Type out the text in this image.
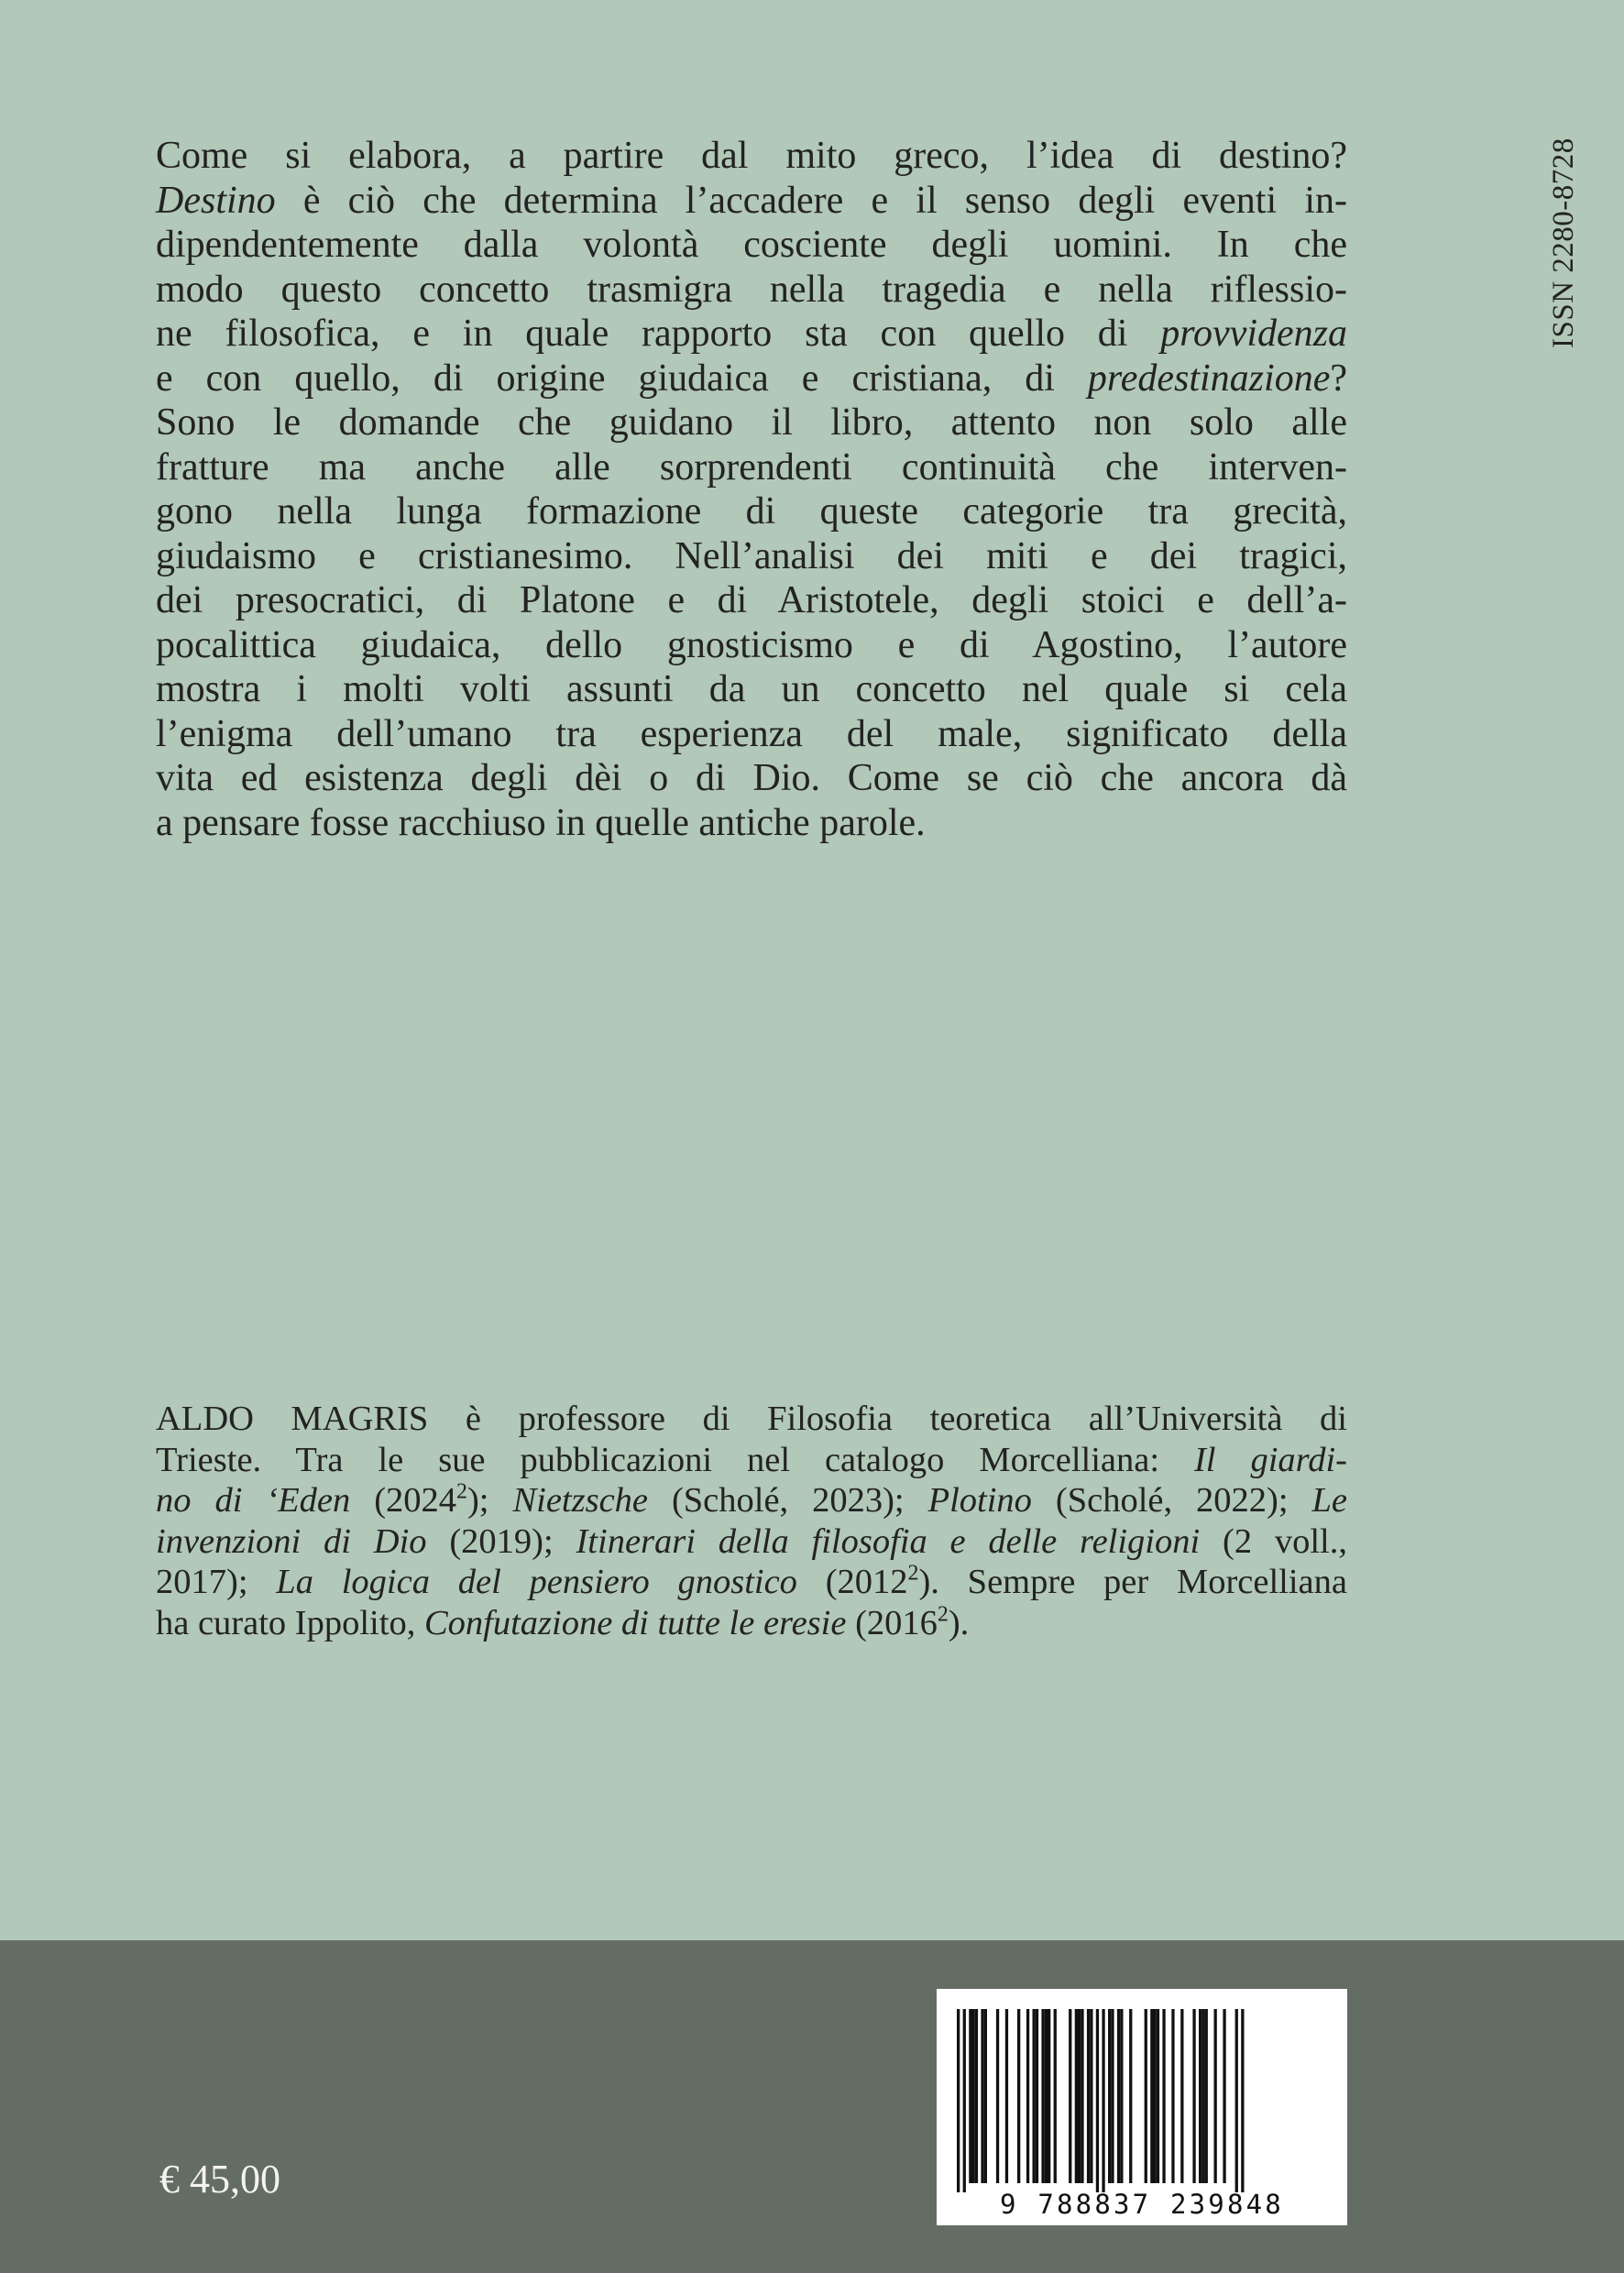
ISSN 2280-8728
Come si elabora, a partire dal mito greco, l’idea di destino?
Destino è ciò che determina l’accadere e il senso degli eventi in-
dipendentemente dalla volontà cosciente degli uomini. In che
modo questo concetto trasmigra nella tragedia e nella riflessio-
ne filosofica, e in quale rapporto sta con quello di provvidenza
e con quello, di origine giudaica e cristiana, di predestinazione?
Sono le domande che guidano il libro, attento non solo alle
fratture ma anche alle sorprendenti continuità che interven-
gono nella lunga formazione di queste categorie tra grecità,
giudaismo e cristianesimo. Nell’analisi dei miti e dei tragici,
dei presocratici, di Platone e di Aristotele, degli stoici e dell’a-
pocalittica giudaica, dello gnosticismo e di Agostino, l’autore
mostra i molti volti assunti da un concetto nel quale si cela
l’enigma dell’umano tra esperienza del male, significato della
vita ed esistenza degli dèi o di Dio. Come se ciò che ancora dà
a pensare fosse racchiuso in quelle antiche parole.
ALDO MAGRIS è professore di Filosofia teoretica all’Università di
Trieste. Tra le sue pubblicazioni nel catalogo Morcelliana: Il giardi-
no di ‘Eden (2024$^2$); Nietzsche (Scholé, 2023); Plotino (Scholé, 2022); Le
invenzioni di Dio (2019); Itinerari della filosofia e delle religioni (2 voll.,
2017); La logica del pensiero gnostico (2012$^2$). Sempre per Morcelliana
ha curato Ippolito, Confutazione di tutte le eresie (2016$^2$).
€ 45,00
9 788837 239848
